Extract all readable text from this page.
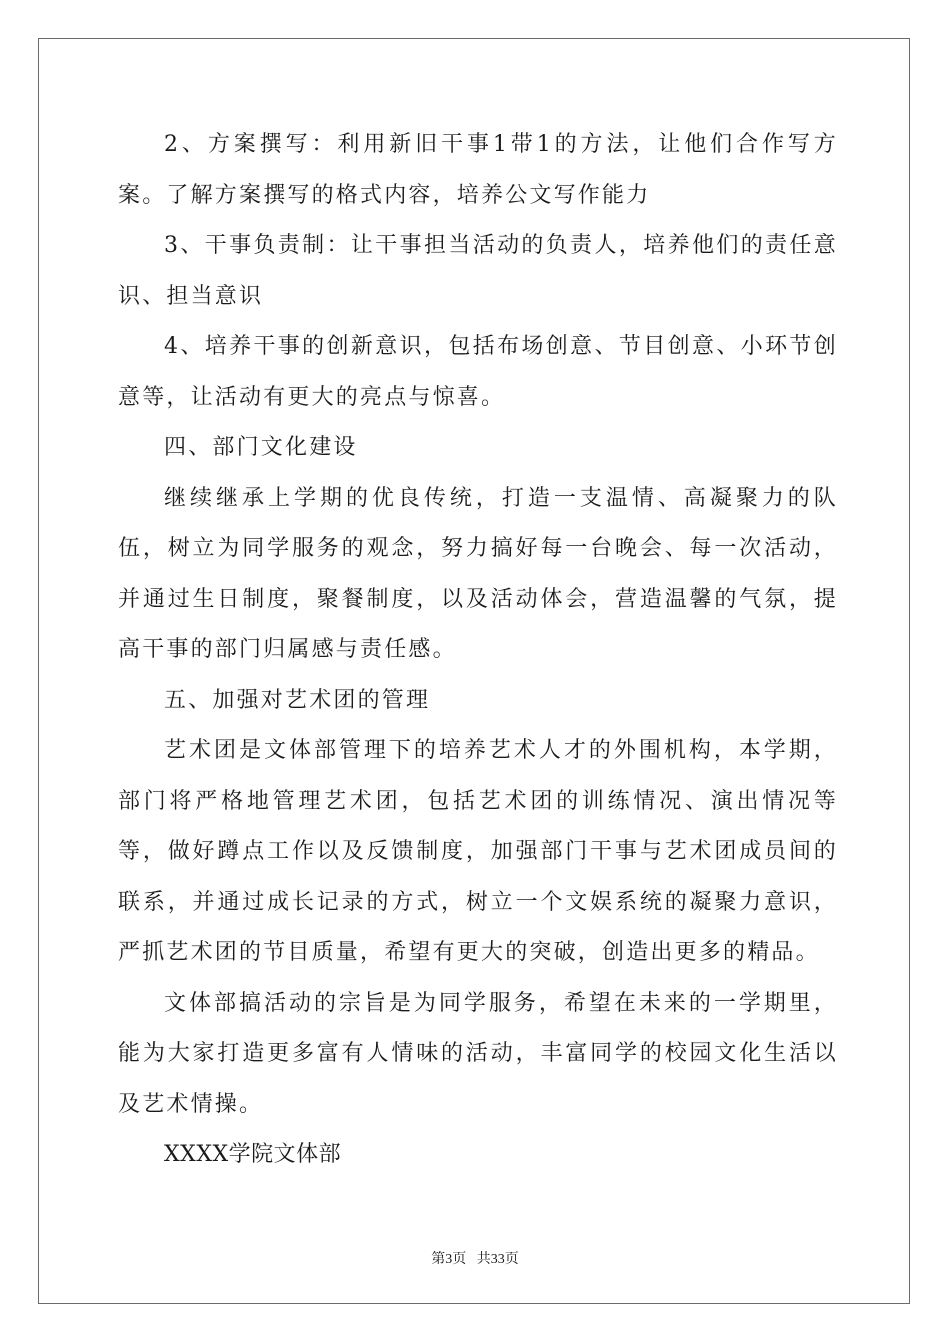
2、方案撰写：利用新旧干事1带1的方法，让他们合作写方案。了解方案撰写的格式内容，培养公文写作能力

3、干事负责制：让干事担当活动的负责人，培养他们的责任意识、担当意识

4、培养干事的创新意识，包括布场创意、节目创意、小环节创意等，让活动有更大的亮点与惊喜。

四、部门文化建设

继续继承上学期的优良传统，打造一支温情、高凝聚力的队伍，树立为同学服务的观念，努力搞好每一台晚会、每一次活动，并通过生日制度，聚餐制度，以及活动体会，营造温馨的气氛，提高干事的部门归属感与责任感。

五、加强对艺术团的管理

艺术团是文体部管理下的培养艺术人才的外围机构，本学期，部门将严格地管理艺术团，包括艺术团的训练情况、演出情况等等，做好蹲点工作以及反馈制度，加强部门干事与艺术团成员间的联系，并通过成长记录的方式，树立一个文娱系统的凝聚力意识，严抓艺术团的节目质量，希望有更大的突破，创造出更多的精品。

文体部搞活动的宗旨是为同学服务，希望在未来的一学期里，能为大家打造更多富有人情味的活动，丰富同学的校园文化生活以及艺术情操。

XXXX学院文体部

第3页 共33页
